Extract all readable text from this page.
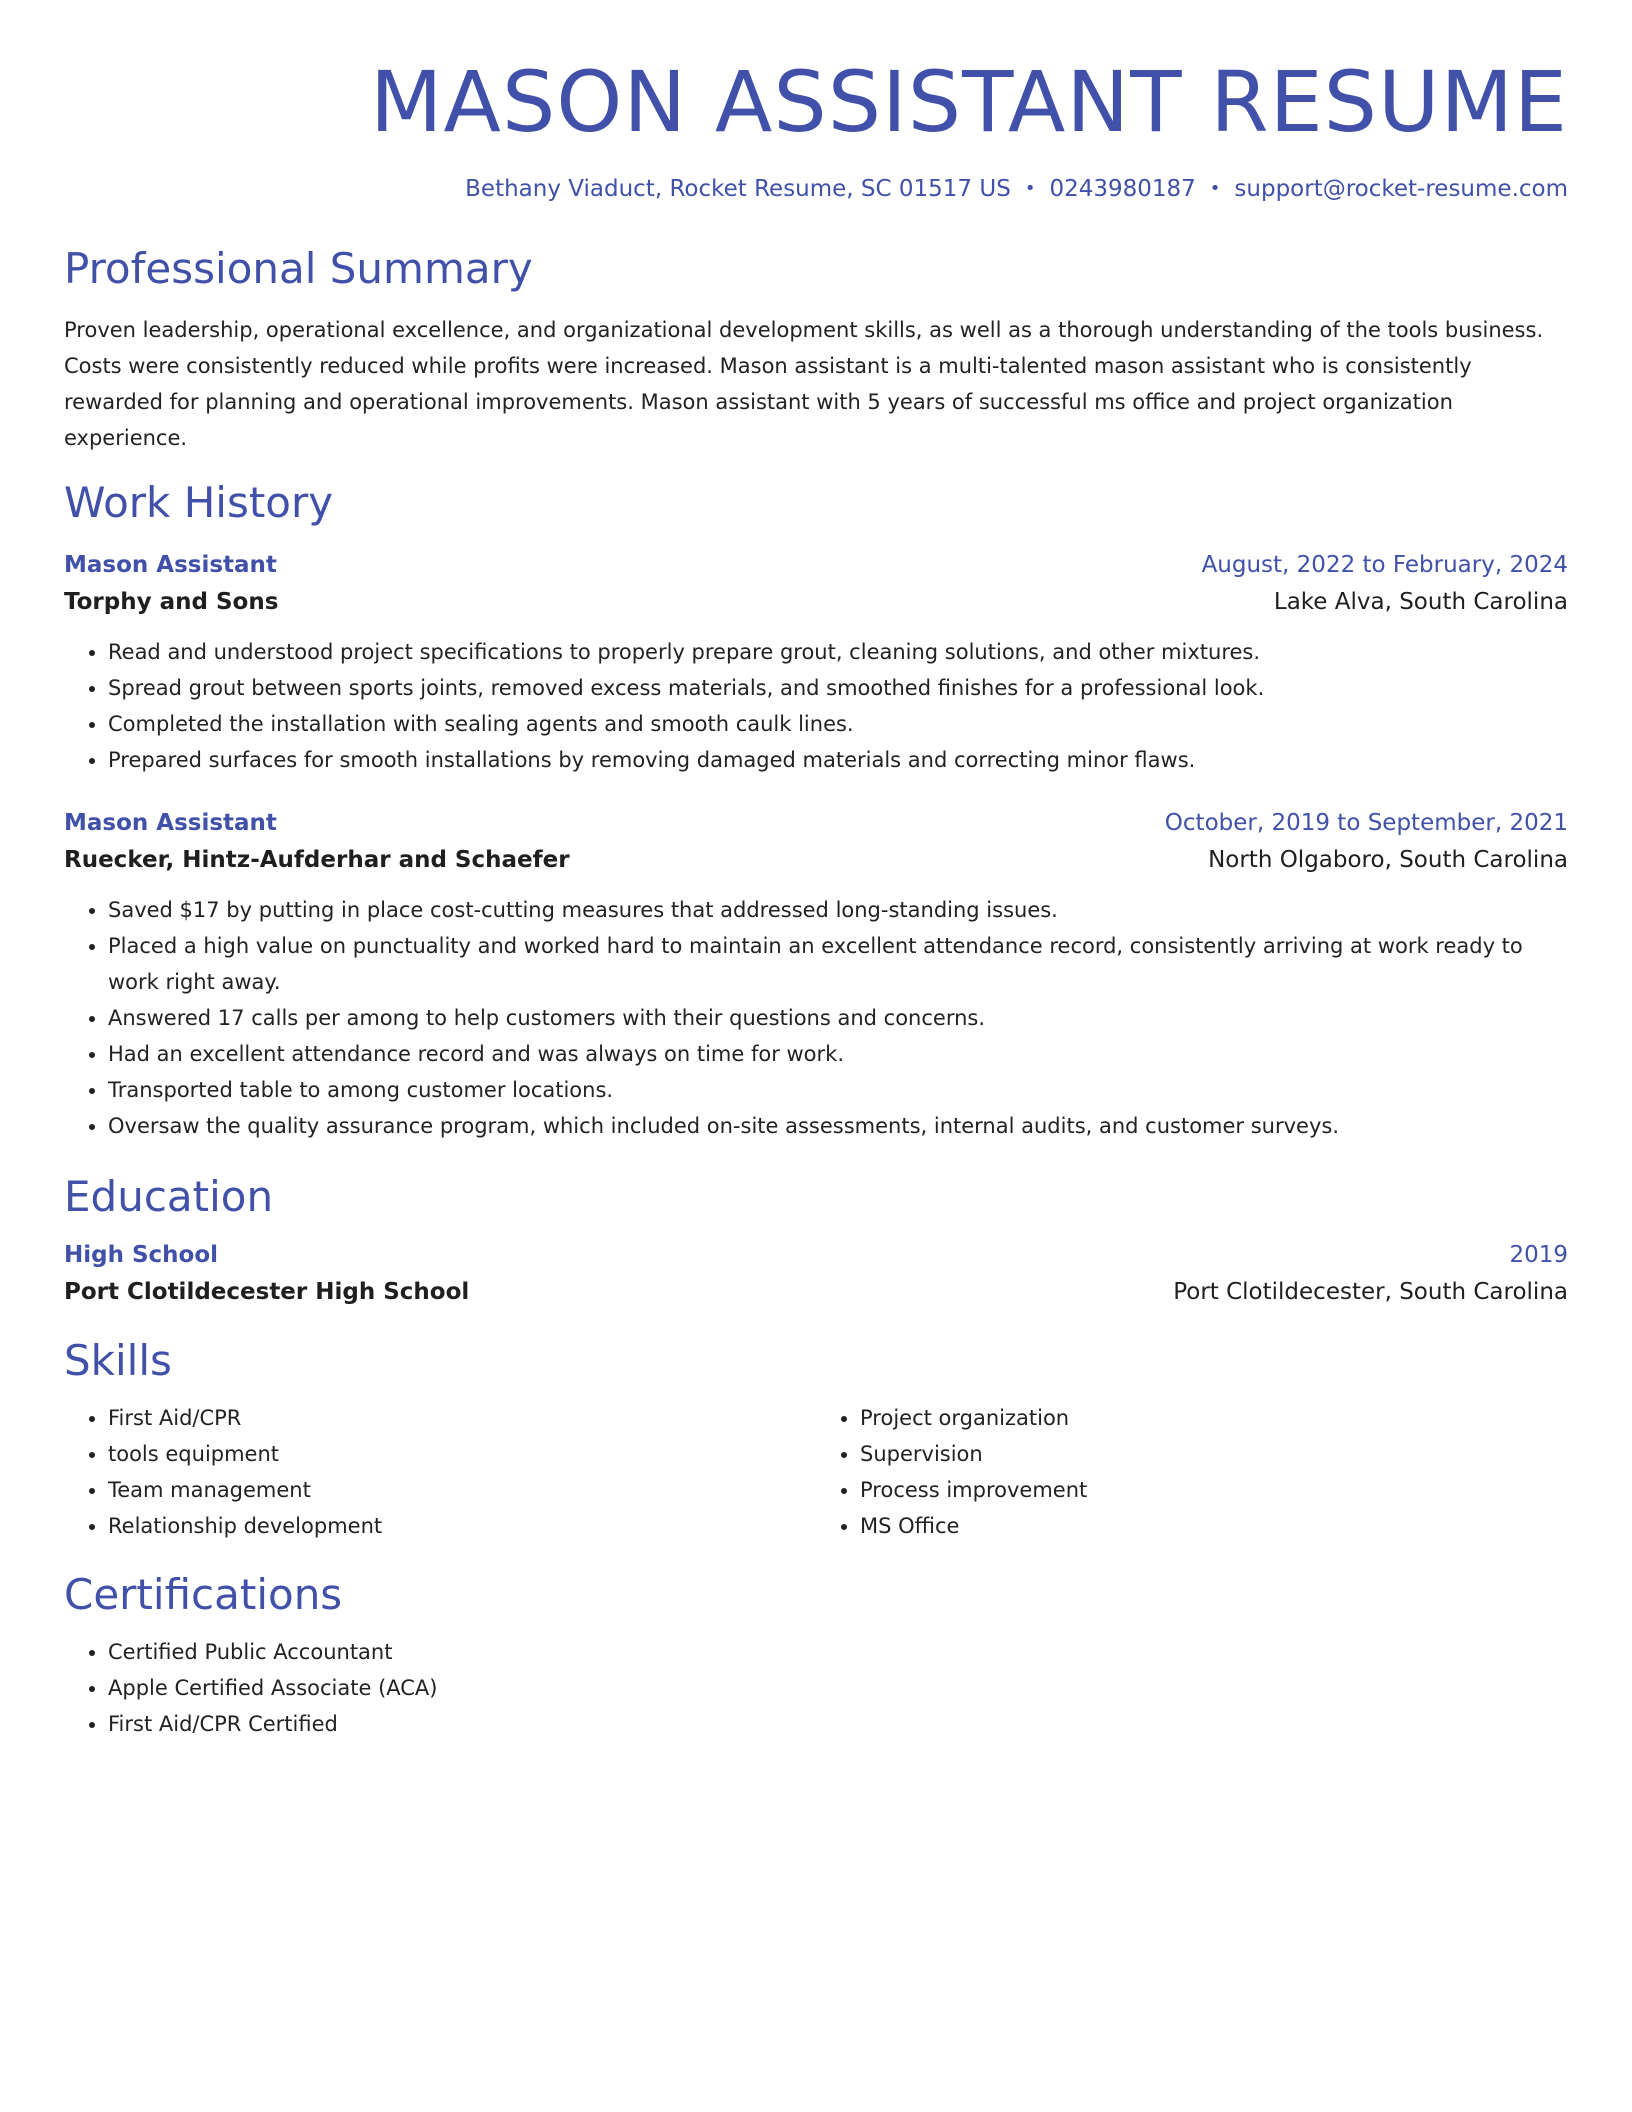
MASON ASSISTANT RESUME
Bethany Viaduct, Rocket Resume, SC 01517 US • 0243980187 • support@rocket-resume.com
Professional Summary
Proven leadership, operational excellence, and organizational development skills, as well as a thorough understanding of the tools business. Costs were consistently reduced while profits were increased. Mason assistant is a multi-talented mason assistant who is consistently rewarded for planning and operational improvements. Mason assistant with 5 years of successful ms office and project organization experience.
Work History
Mason Assistant	August, 2022 to February, 2024
Torphy and Sons	Lake Alva, South Carolina
• Read and understood project specifications to properly prepare grout, cleaning solutions, and other mixtures.
• Spread grout between sports joints, removed excess materials, and smoothed finishes for a professional look.
• Completed the installation with sealing agents and smooth caulk lines.
• Prepared surfaces for smooth installations by removing damaged materials and correcting minor flaws.
Mason Assistant	October, 2019 to September, 2021
Ruecker, Hintz-Aufderhar and Schaefer	North Olgaboro, South Carolina
• Saved $17 by putting in place cost-cutting measures that addressed long-standing issues.
• Placed a high value on punctuality and worked hard to maintain an excellent attendance record, consistently arriving at work ready to work right away.
• Answered 17 calls per among to help customers with their questions and concerns.
• Had an excellent attendance record and was always on time for work.
• Transported table to among customer locations.
• Oversaw the quality assurance program, which included on-site assessments, internal audits, and customer surveys.
Education
High School	2019
Port Clotildecester High School	Port Clotildecester, South Carolina
Skills
• First Aid/CPR
• tools equipment
• Team management
• Relationship development
• Project organization
• Supervision
• Process improvement
• MS Office
Certifications
• Certified Public Accountant
• Apple Certified Associate (ACA)
• First Aid/CPR Certified
